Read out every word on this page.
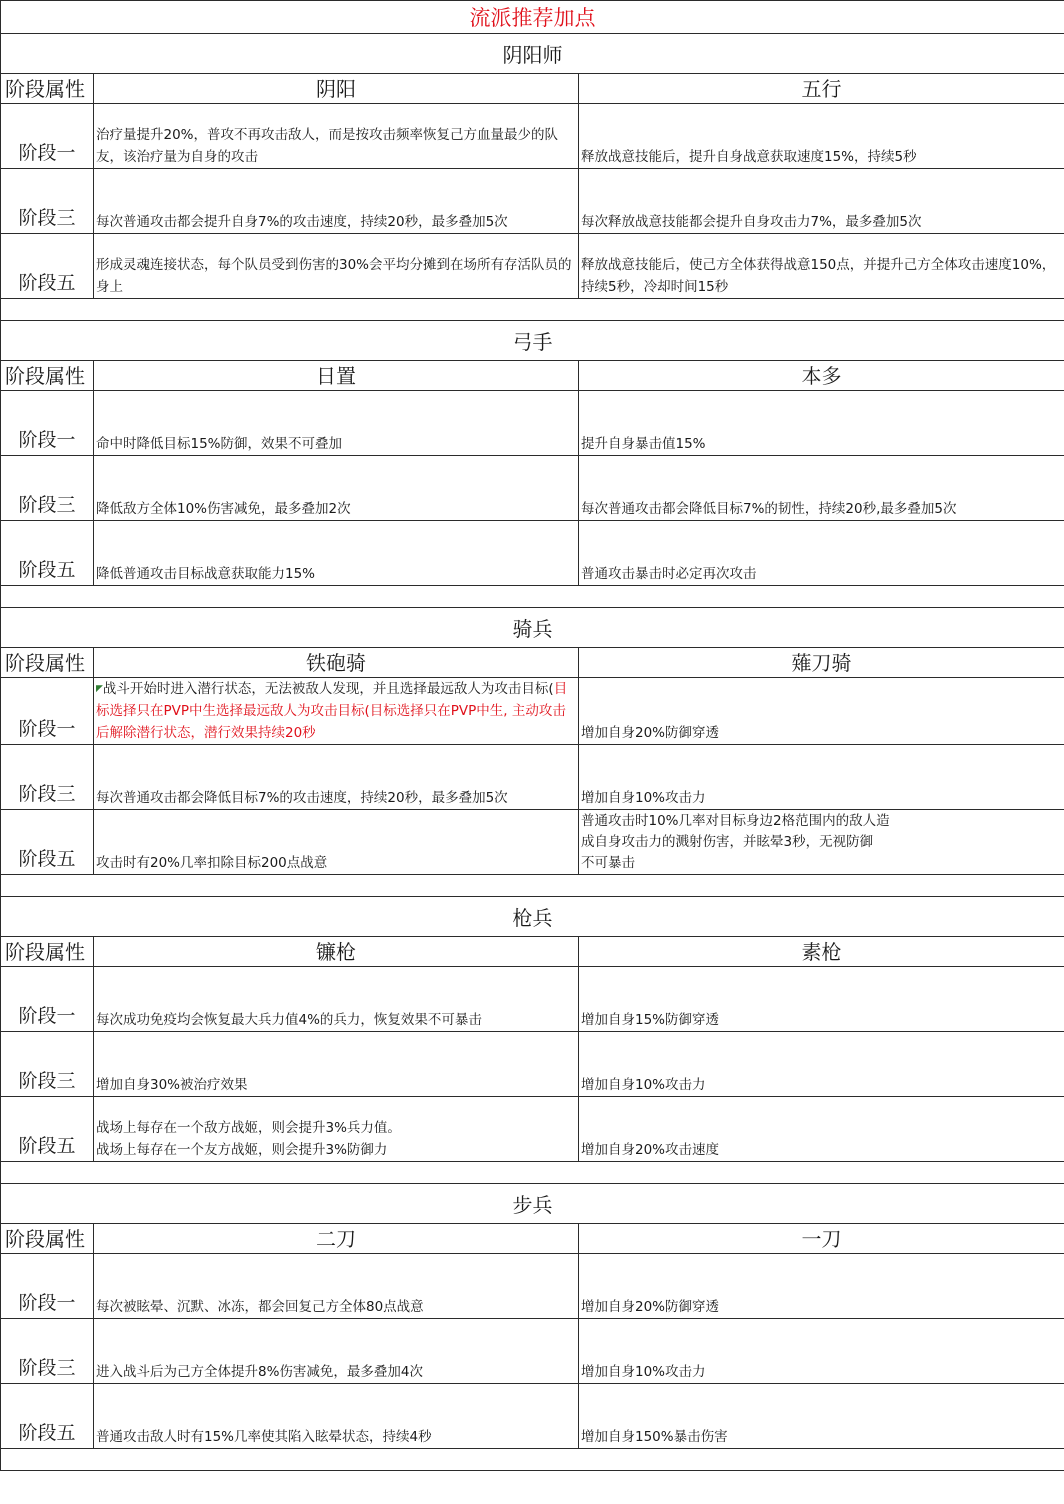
流派推荐加点		
阴阳师		
阶段属性	阴阳	五行
阶段一	治疗量提升20%，普攻不再攻击敌人，而是按攻击频率恢复己方血量最少的队友，该治疗量为自身的攻击	释放战意技能后，提升自身战意获取速度15%，持续5秒
阶段三	每次普通攻击都会提升自身7%的攻击速度，持续20秒，最多叠加5次	每次释放战意技能都会提升自身攻击力7%，最多叠加5次
阶段五	形成灵魂连接状态，每个队员受到伤害的30%会平均分摊到在场所有存活队员的身上	释放战意技能后，使己方全体获得战意150点，并提升己方全体攻击速度10%，持续5秒，冷却时间15秒

弓手		
阶段属性	日置	本多
阶段一	命中时降低目标15%防御，效果不可叠加	提升自身暴击值15%
阶段三	降低敌方全体10%伤害减免，最多叠加2次	每次普通攻击都会降低目标7%的韧性，持续20秒,最多叠加5次
阶段五	降低普通攻击目标战意获取能力15%	普通攻击暴击时必定再次攻击

骑兵		
阶段属性	铁砲骑	薙刀骑
阶段一	◤战斗开始时进入潜行状态，无法被敌人发现，并且选择最远敌人为攻击目标(目标选择只在PVP中生选择最远敌人为攻击目标(目标选择只在PVP中生, 主动攻击后解除潜行状态，潜行效果持续20秒	增加自身20%防御穿透
阶段三	每次普通攻击都会降低目标7%的攻击速度，持续20秒，最多叠加5次	增加自身10%攻击力
阶段五	攻击时有20%几率扣除目标200点战意	普通攻击时10%几率对目标身边2格范围内的敌人造
成自身攻击力的溅射伤害，并眩晕3秒，无视防御
不可暴击

枪兵		
阶段属性	镰枪	素枪
阶段一	每次成功免疫均会恢复最大兵力值4%的兵力，恢复效果不可暴击	增加自身15%防御穿透
阶段三	增加自身30%被治疗效果	增加自身10%攻击力
阶段五	战场上每存在一个敌方战姬，则会提升3%兵力值。
战场上每存在一个友方战姬，则会提升3%防御力	增加自身20%攻击速度

步兵		
阶段属性	二刀	一刀
阶段一	每次被眩晕、沉默、冰冻，都会回复己方全体80点战意	增加自身20%防御穿透
阶段三	进入战斗后为己方全体提升8%伤害减免，最多叠加4次	增加自身10%攻击力
阶段五	普通攻击敌人时有15%几率使其陷入眩晕状态，持续4秒	增加自身150%暴击伤害
